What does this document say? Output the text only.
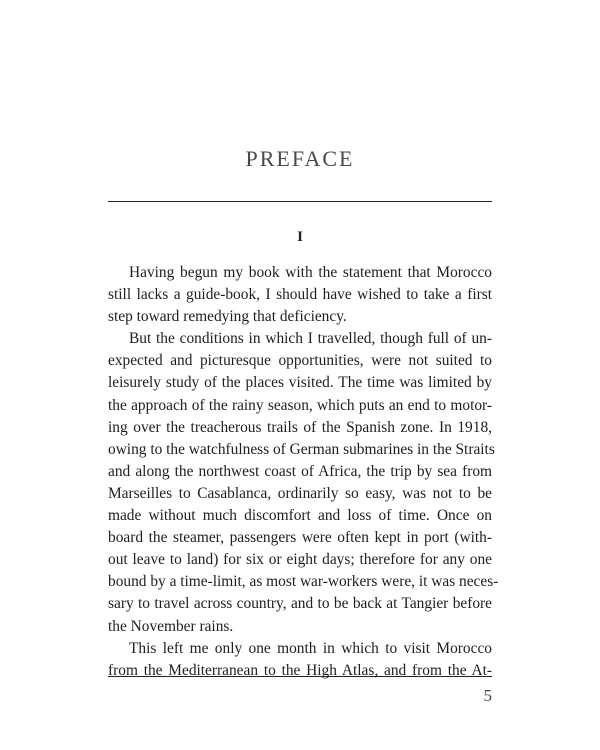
PREFACE
I
Having begun my book with the statement that Morocco
still lacks a guide-book, I should have wished to take a first
step toward remedying that deficiency.
But the conditions in which I travelled, though full of un-
expected and picturesque opportunities, were not suited to
leisurely study of the places visited. The time was limited by
the approach of the rainy season, which puts an end to motor-
ing over the treacherous trails of the Spanish zone. In 1918,
owing to the watchfulness of German submarines in the Straits
and along the northwest coast of Africa, the trip by sea from
Marseilles to Casablanca, ordinarily so easy, was not to be
made without much discomfort and loss of time. Once on
board the steamer, passengers were often kept in port (with-
out leave to land) for six or eight days; therefore for any one
bound by a time-limit, as most war-workers were, it was neces-
sary to travel across country, and to be back at Tangier before
the November rains.
This left me only one month in which to visit Morocco
from the Mediterranean to the High Atlas, and from the At-
5
